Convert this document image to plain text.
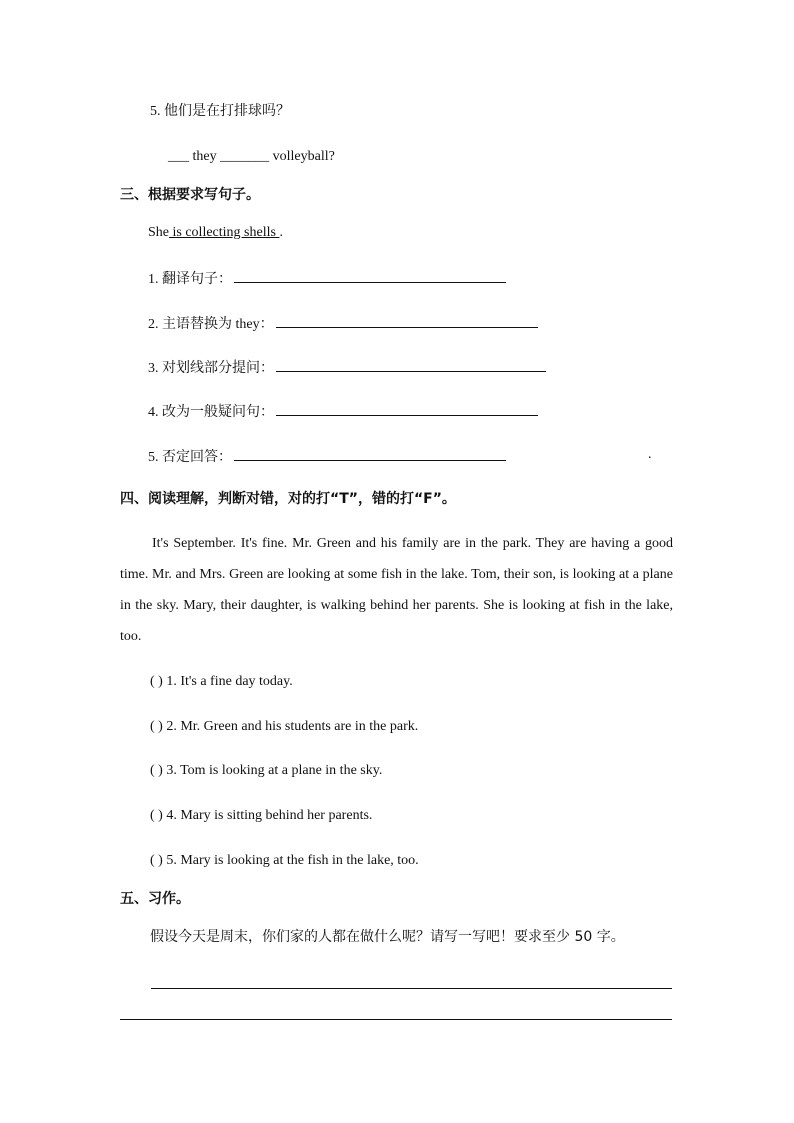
5. 他们是在打排球吗？
___ they _______ volleyball?
三、根据要求写句子。
She is collecting shells .
1. 翻译句子：
2. 主语替换为 they：
3. 对划线部分提问：
4. 改为一般疑问句：
5. 否定回答：	.
四、阅读理解，判断对错，对的打“T”，错的打“F”。
It's September. It's fine. Mr. Green and his family are in the park. They are having a good time. Mr. and Mrs. Green are looking at some fish in the lake. Tom, their son, is looking at a plane in the sky. Mary, their daughter, is walking behind her parents. She is looking at fish in the lake, too.
( ) 1. It's a fine day today.
( ) 2. Mr. Green and his students are in the park.
( ) 3. Tom is looking at a plane in the sky.
( ) 4. Mary is sitting behind her parents.
( ) 5. Mary is looking at the fish in the lake, too.
五、习作。
假设今天是周末，你们家的人都在做什么呢？请写一写吧！要求至少 50 字。
